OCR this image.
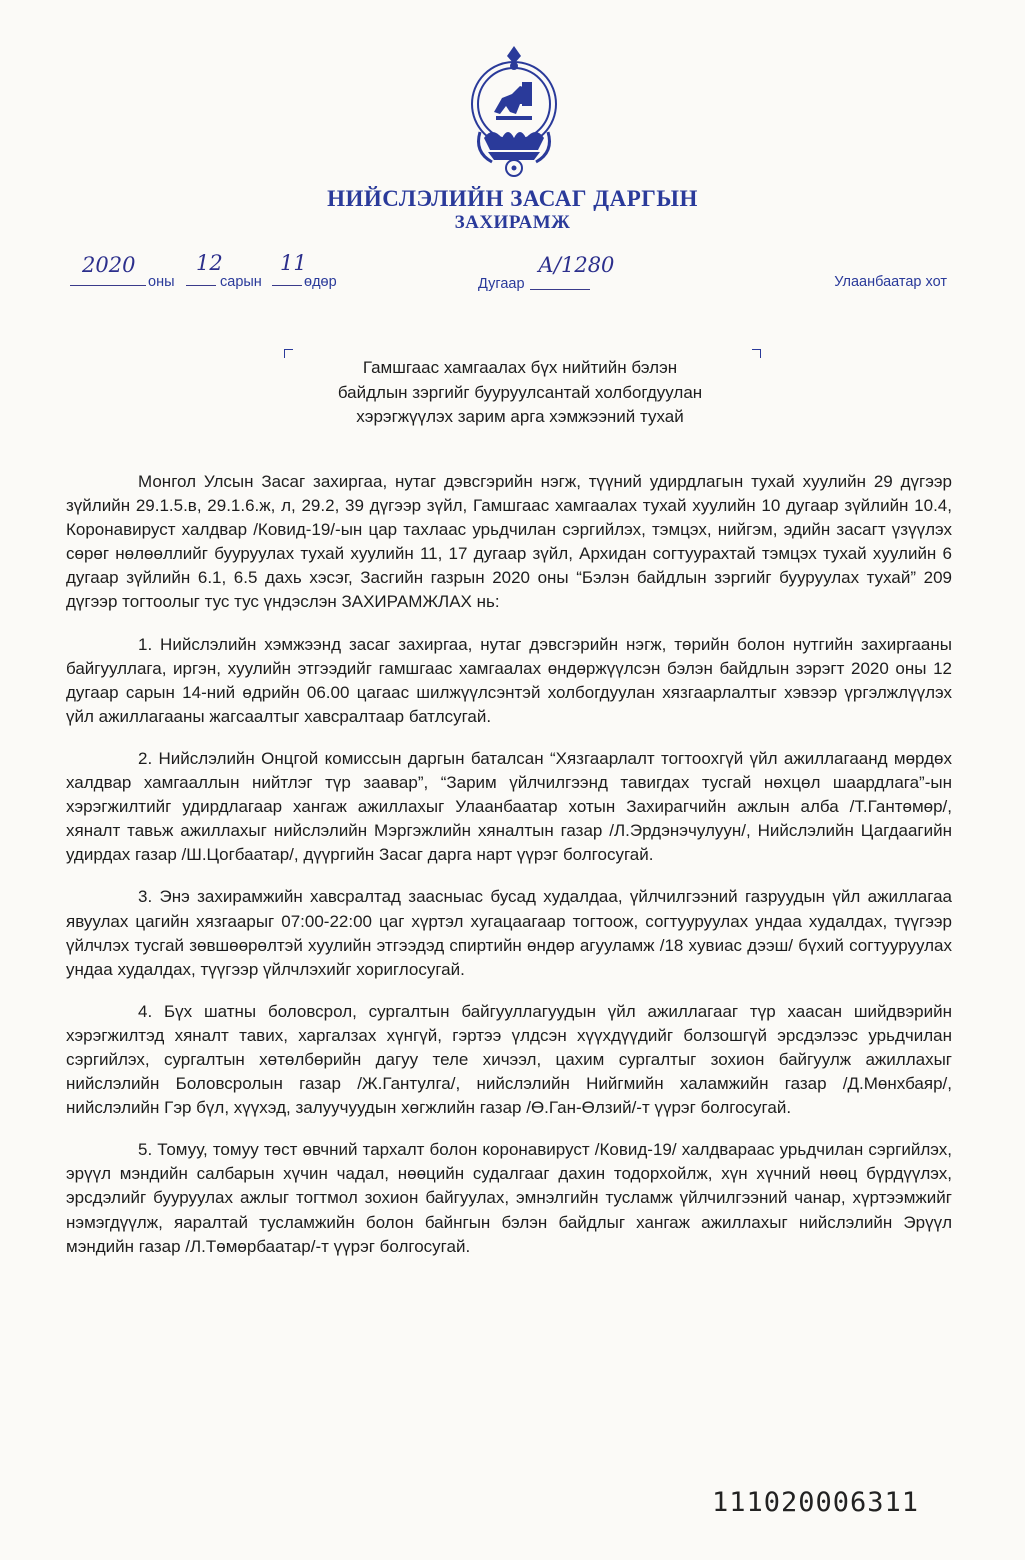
НИЙСЛЭЛИЙН ЗАСАГ ДАРГЫН
ЗАХИРАМЖ
2020
оны
12
сарын
11
өдөр	Дугаар
А/1280
Улаанбаатар хот
Гамшгаас хамгаалах бүх нийтийн бэлэн
байдлын зэргийг бууруулсантай холбогдуулан
хэрэгжүүлэх зарим арга хэмжээний тухай

Монгол Улсын Засаг захиргаа, нутаг дэвсгэрийн нэгж, түүний удирдлагын тухай хуулийн 29 дүгээр зүйлийн 29.1.5.в, 29.1.6.ж, л, 29.2, 39 дүгээр зүйл, Гамшгаас хамгаалах тухай хуулийн 10 дугаар зүйлийн 10.4, Коронавируст халдвар /Ковид-19/-ын цар тахлаас урьдчилан сэргийлэх, тэмцэх, нийгэм, эдийн засагт үзүүлэх сөрөг нөлөөллийг бууруулах тухай хуулийн 11, 17 дугаар зүйл, Архидан согтуурахтай тэмцэх тухай хуулийн 6 дугаар зүйлийн 6.1, 6.5 дахь хэсэг, Засгийн газрын 2020 оны “Бэлэн байдлын зэргийг бууруулах тухай” 209 дүгээр тогтоолыг тус тус үндэслэн ЗАХИРАМЖЛАХ нь:

1. Нийслэлийн хэмжээнд засаг захиргаа, нутаг дэвсгэрийн нэгж, төрийн болон нутгийн захиргааны байгууллага, иргэн, хуулийн этгээдийг гамшгаас хамгаалах өндөржүүлсэн бэлэн байдлын зэрэгт 2020 оны 12 дугаар сарын 14-ний өдрийн 06.00 цагаас шилжүүлсэнтэй холбогдуулан хязгаарлалтыг хэвээр үргэлжлүүлэх үйл ажиллагааны жагсаалтыг хавсралтаар батлсугай.

2. Нийслэлийн Онцгой комиссын даргын баталсан “Хязгаарлалт тогтоохгүй үйл ажиллагаанд мөрдөх халдвар хамгааллын нийтлэг түр заавар”, “Зарим үйлчилгээнд тавигдах тусгай нөхцөл шаардлага”-ын хэрэгжилтийг удирдлагаар хангаж ажиллахыг Улаанбаатар хотын Захирагчийн ажлын алба /Т.Гантөмөр/, хяналт тавьж ажиллахыг нийслэлийн Мэргэжлийн хяналтын газар /Л.Эрдэнэчулуун/, Нийслэлийн Цагдаагийн удирдах газар /Ш.Цогбаатар/, дүүргийн Засаг дарга нарт үүрэг болгосугай.

3. Энэ захирамжийн хавсралтад заасныас бусад худалдаа, үйлчилгээний газруудын үйл ажиллагаа явуулах цагийн хязгаарыг 07:00-22:00 цаг хүртэл хугацаагаар тогтоож, согтууруулах ундаа худалдах, түүгээр үйлчлэх тусгай зөвшөөрөлтэй хуулийн этгээдэд спиртийн өндөр агууламж /18 хувиас дээш/ бүхий согтууруулах ундаа худалдах, түүгээр үйлчлэхийг хориглосугай.

4. Бүх шатны боловсрол, сургалтын байгууллагуудын үйл ажиллагааг түр хаасан шийдвэрийн хэрэгжилтэд хяналт тавих, харгалзах хүнгүй, гэртээ үлдсэн хүүхдүүдийг болзошгүй эрсдэлээс урьдчилан сэргийлэх, сургалтын хөтөлбөрийн дагуу теле хичээл, цахим сургалтыг зохион байгуулж ажиллахыг нийслэлийн Боловсролын газар /Ж.Гантулга/, нийслэлийн Нийгмийн халамжийн газар /Д.Мөнхбаяр/, нийслэлийн Гэр бүл, хүүхэд, залуучуудын хөгжлийн газар /Ө.Ган-Өлзий/-т үүрэг болгосугай.

5. Томуу, томуу төст өвчний тархалт болон коронавируст /Ковид-19/ халдвараас урьдчилан сэргийлэх, эрүүл мэндийн салбарын хүчин чадал, нөөцийн судалгааг дахин тодорхойлж, хүн хүчний нөөц бүрдүүлэх, эрсдэлийг бууруулах ажлыг тогтмол зохион байгуулах, эмнэлгийн тусламж үйлчилгээний чанар, хүртээмжийг нэмэгдүүлж, яаралтай тусламжийн болон байнгын бэлэн байдлыг хангаж ажиллахыг нийслэлийн Эрүүл мэндийн газар /Л.Төмөрбаатар/-т үүрэг болгосугай.

1110200063​11
